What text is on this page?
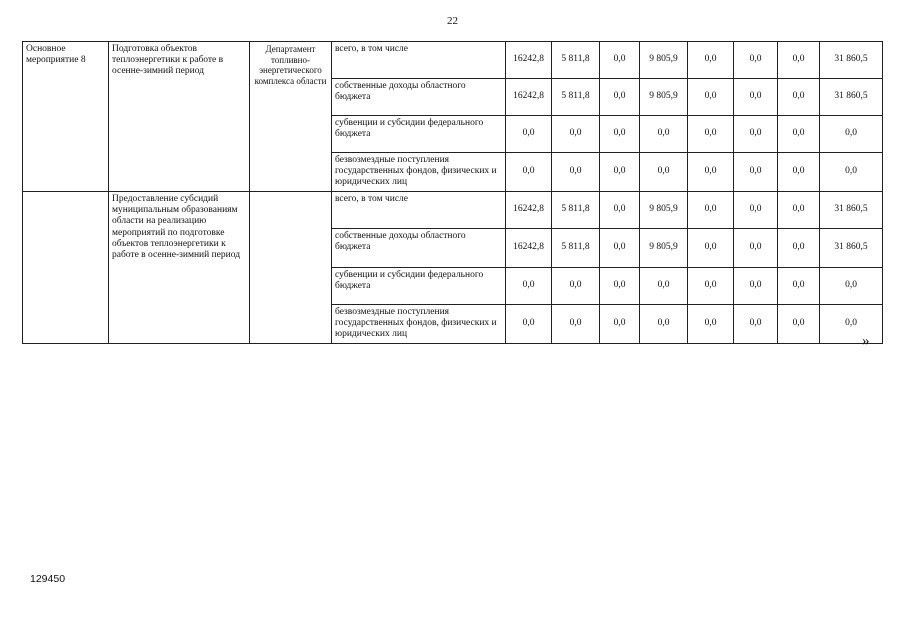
22
Основное мероприятие 8	Подготовка объектов теплоэнергетики к работе в осенне-зимний период	Департамент топливно-энергетического комплекса области	всего, в том числе	16242,8	5 811,8	0,0	9 805,9	0,0	0,0	0,0	31 860,5
			собственные доходы областного бюджета	16242,8	5 811,8	0,0	9 805,9	0,0	0,0	0,0	31 860,5
			субвенции и субсидии федерального бюджета	0,0	0,0	0,0	0,0	0,0	0,0	0,0	0,0
			безвозмездные поступления государственных фондов, физических и юридических лиц	0,0	0,0	0,0	0,0	0,0	0,0	0,0	0,0
	Предоставление субсидий муниципальным образованиям области на реализацию мероприятий по подготовке объектов теплоэнергетики к работе в осенне-зимний период		всего, в том числе	16242,8	5 811,8	0,0	9 805,9	0,0	0,0	0,0	31 860,5
			собственные доходы областного бюджета	16242,8	5 811,8	0,0	9 805,9	0,0	0,0	0,0	31 860,5
			субвенции и субсидии федерального бюджета	0,0	0,0	0,0	0,0	0,0	0,0	0,0	0,0
			безвозмездные поступления государственных фондов, физических и юридических лиц	0,0	0,0	0,0	0,0	0,0	0,0	0,0	0,0
»
129450
